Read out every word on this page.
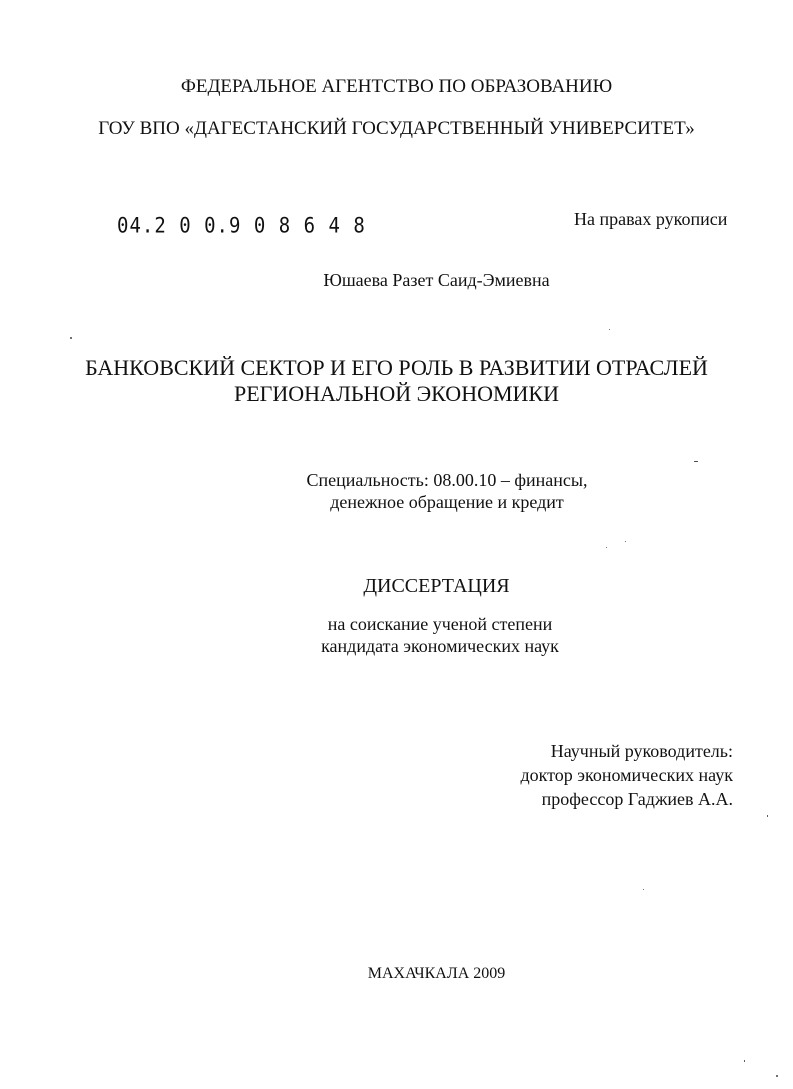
ФЕДЕРАЛЬНОЕ АГЕНТСТВО ПО ОБРАЗОВАНИЮ
ГОУ ВПО «ДАГЕСТАНСКИЙ ГОСУДАРСТВЕННЫЙ УНИВЕРСИТЕТ»
04.2 0 0.9 0 8 6 4 8	На правах рукописи
Юшаева Разет Саид-Эмиевна
БАНКОВСКИЙ СЕКТОР И ЕГО РОЛЬ В РАЗВИТИИ ОТРАСЛЕЙ
РЕГИОНАЛЬНОЙ ЭКОНОМИКИ
Специальность: 08.00.10 – финансы,
денежное обращение и кредит
ДИССЕРТАЦИЯ
на соискание ученой степени
кандидата экономических наук
Научный руководитель:
доктор экономических наук
профессор Гаджиев А.А.
МАХАЧКАЛА 2009
